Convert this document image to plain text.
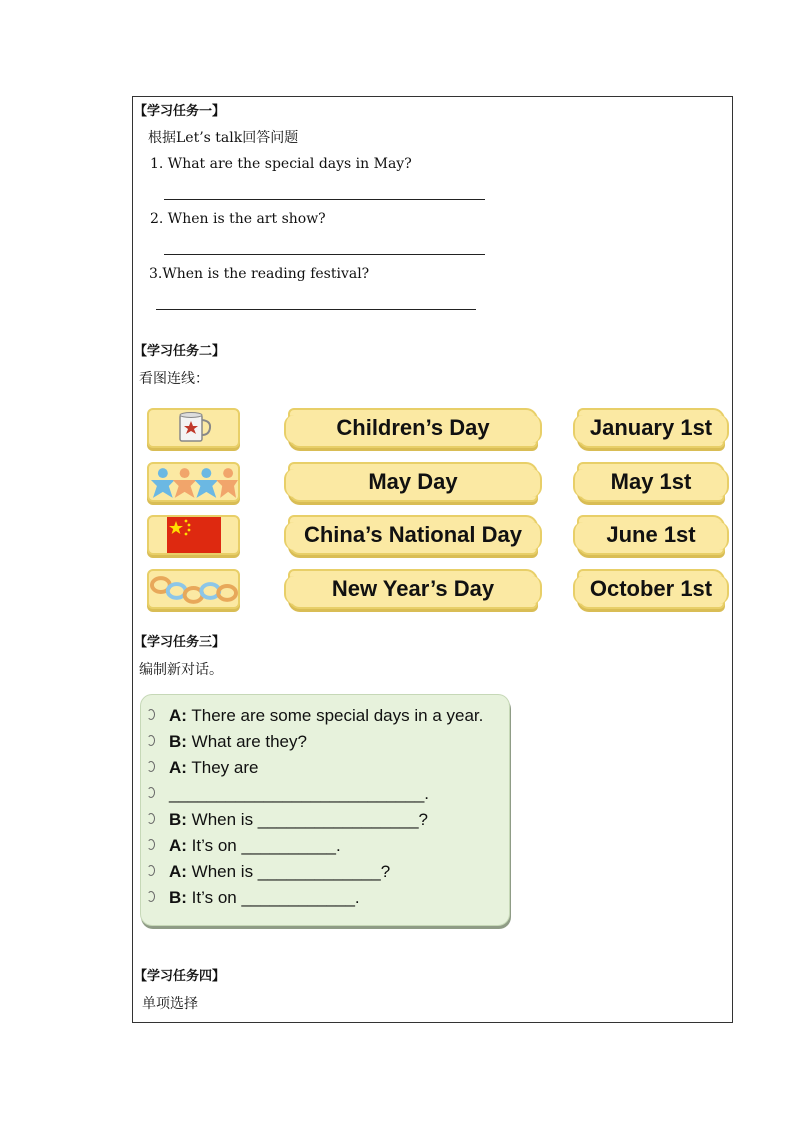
【学习任务一】
根据Let’s talk回答问题
1. What are the special days in May?
2. When is the art show?
3.When is the reading festival?
【学习任务二】
看图连线：
Children’s Day
May Day
China’s National Day
New Year’s Day
January 1st
May 1st
June 1st
October 1st
【学习任务三】
编制新对话。
A: There are some special days in a year.
B: What are they?
A: They are
___________________________.
B: When is _________________?
A: It’s on __________.
A: When is _____________?
B: It’s on ____________.
【学习任务四】
单项选择
